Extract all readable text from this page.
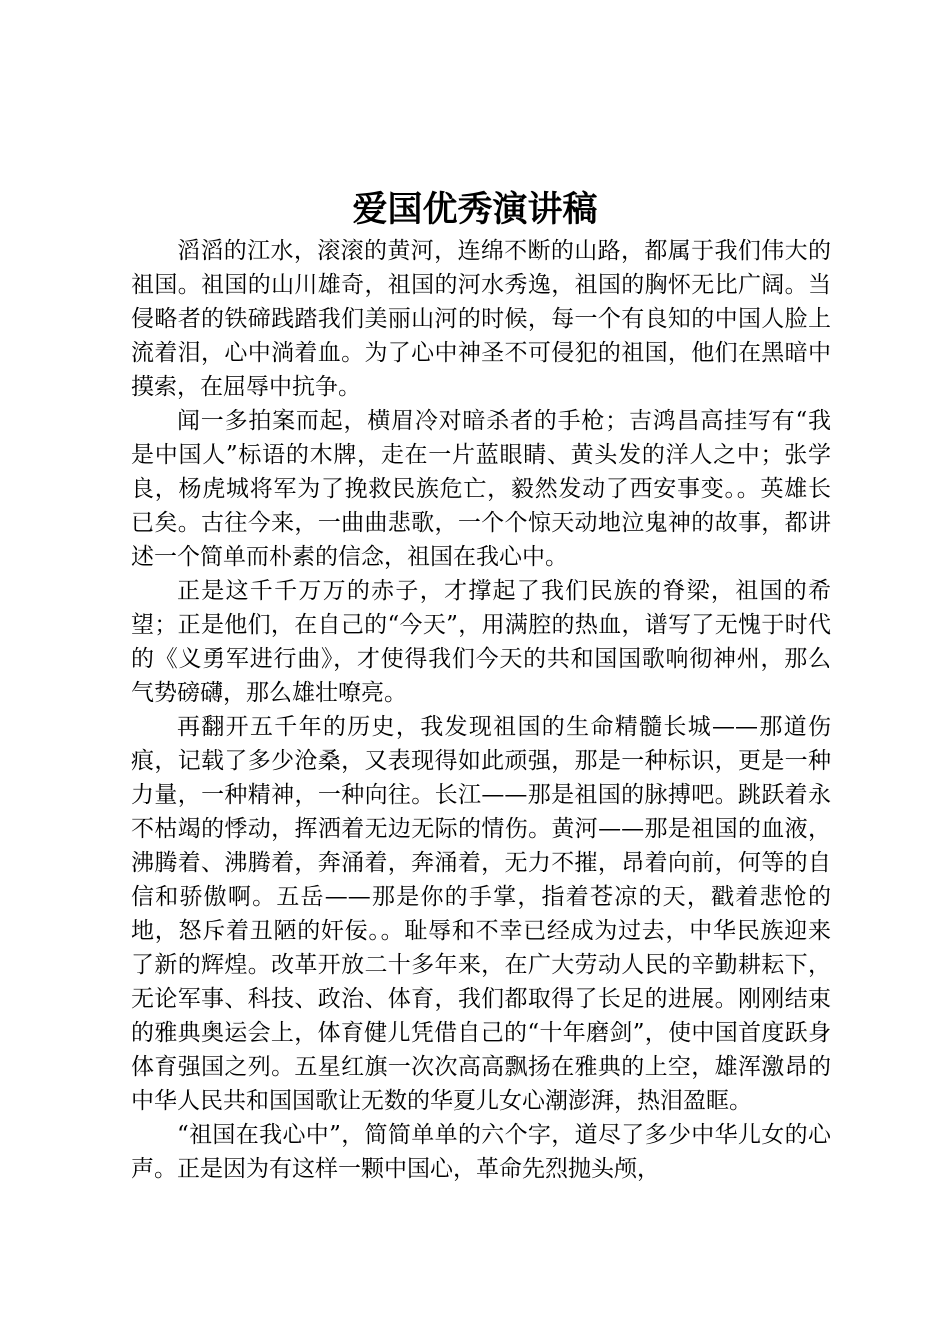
爱国优秀演讲稿

滔滔的江水，滚滚的黄河，连绵不断的山路，都属于我们伟大的祖国。祖国的山川雄奇，祖国的河水秀逸，祖国的胸怀无比广阔。当侵略者的铁碲践踏我们美丽山河的时候，每一个有良知的中国人脸上流着泪，心中淌着血。为了心中神圣不可侵犯的祖国，他们在黑暗中摸索，在屈辱中抗争。

闻一多拍案而起，横眉冷对暗杀者的手枪；吉鸿昌高挂写有“我是中国人”标语的木牌，走在一片蓝眼睛、黄头发的洋人之中；张学良，杨虎城将军为了挽救民族危亡，毅然发动了西安事变。。英雄长已矣。古往今来，一曲曲悲歌，一个个惊天动地泣鬼神的故事，都讲述一个简单而朴素的信念，祖国在我心中。

正是这千千万万的赤子，才撑起了我们民族的脊梁，祖国的希望；正是他们，在自己的“今天”，用满腔的热血，谱写了无愧于时代的《义勇军进行曲》，才使得我们今天的共和国国歌响彻神州，那么气势磅礴，那么雄壮嘹亮。

再翻开五千年的历史，我发现祖国的生命精髓长城——那道伤痕，记载了多少沧桑，又表现得如此顽强，那是一种标识，更是一种力量，一种精神，一种向往。长江——那是祖国的脉搏吧。跳跃着永不枯竭的悸动，挥洒着无边无际的情伤。黄河——那是祖国的血液，沸腾着、沸腾着，奔涌着，奔涌着，无力不摧，昂着向前，何等的自信和骄傲啊。五岳——那是你的手掌，指着苍凉的天，戳着悲怆的地，怒斥着丑陋的奸佞。。耻辱和不幸已经成为过去，中华民族迎来了新的辉煌。改革开放二十多年来，在广大劳动人民的辛勤耕耘下，无论军事、科技、政治、体育，我们都取得了长足的进展。刚刚结束的雅典奥运会上，体育健儿凭借自己的“十年磨剑”，使中国首度跃身体育强国之列。五星红旗一次次高高飘扬在雅典的上空，雄浑激昂的中华人民共和国国歌让无数的华夏儿女心潮澎湃，热泪盈眶。

“祖国在我心中”，简简单单的六个字，道尽了多少中华儿女的心声。正是因为有这样一颗中国心，革命先烈抛头颅，
